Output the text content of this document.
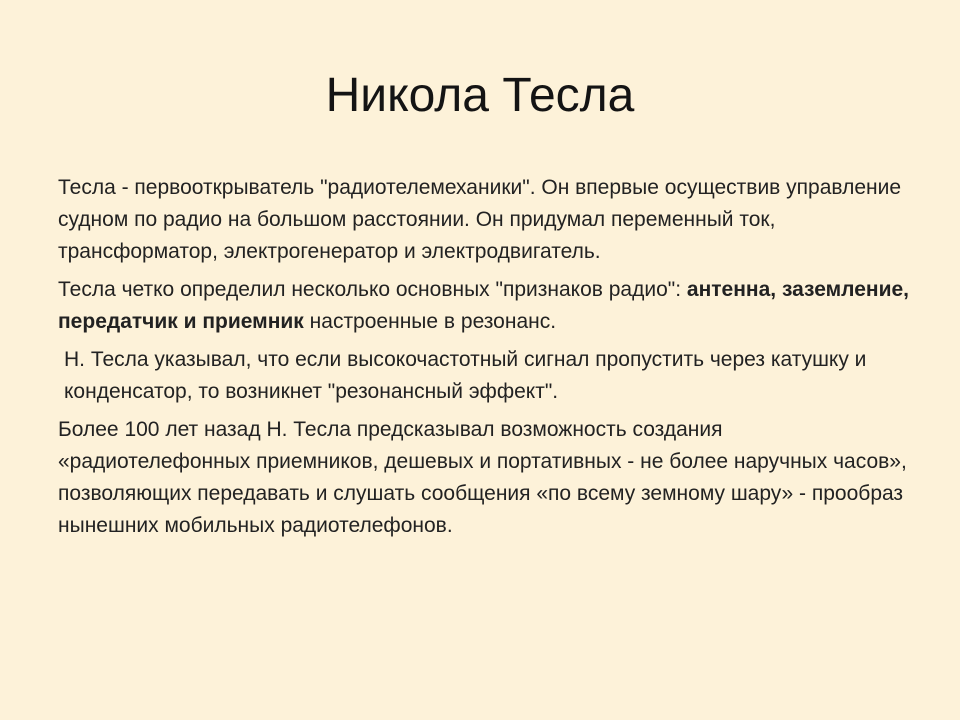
Никола Тесла

Тесла - первооткрыватель "радиотелемеханики". Он впервые осуществив управление судном по радио на большом расстоянии. Он придумал переменный ток, трансформатор, электрогенератор и электродвигатель.

Тесла четко определил несколько основных "признаков радио": антенна, заземление, передатчик и приемник настроенные в резонанс.

Н. Тесла указывал, что если высокочастотный сигнал пропустить через катушку и конденсатор, то возникнет "резонансный эффект".

Более 100 лет назад Н. Тесла предсказывал возможность создания «радиотелефонных приемников, дешевых и портативных - не более наручных часов», позволяющих передавать и слушать сообщения «по всему земному шару» - прообраз нынешних мобильных радиотелефонов.
